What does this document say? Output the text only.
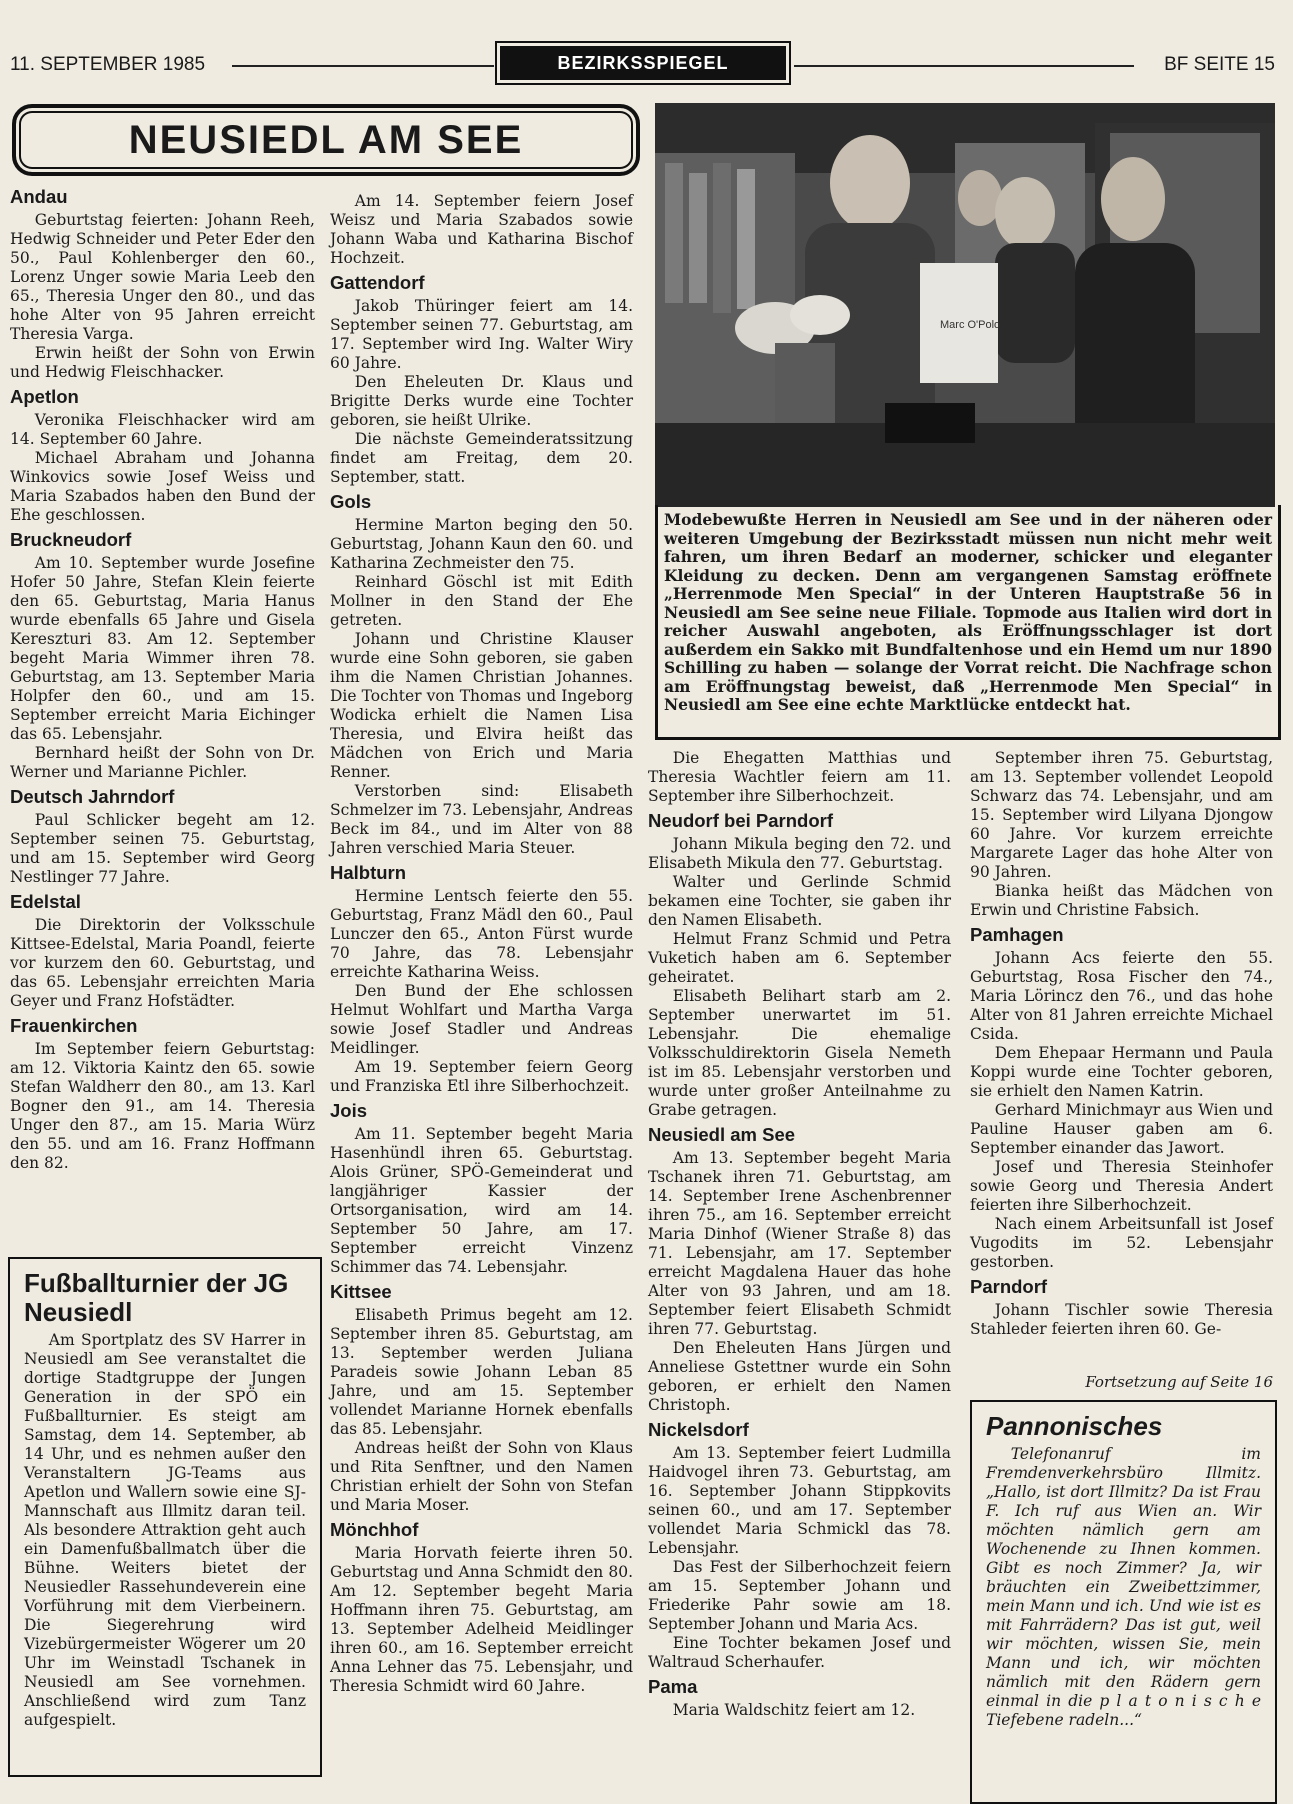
11. SEPTEMBER 1985	BEZIRKSSPIEGEL	BF SEITE 15
NEUSIEDL AM SEE
Andau

Geburtstag feierten: Johann Reeh, Hedwig Schneider und Peter Eder den 50., Paul Kohlenberger den 60., Lorenz Unger sowie Maria Leeb den 65., Theresia Unger den 80., und das hohe Alter von 95 Jahren erreicht Theresia Varga.

Erwin heißt der Sohn von Erwin und Hedwig Fleischhacker.

Apetlon

Veronika Fleischhacker wird am 14. September 60 Jahre.

Michael Abraham und Johanna Winkovics sowie Josef Weiss und Maria Szabados haben den Bund der Ehe geschlossen.

Bruckneudorf

Am 10. September wurde Josefine Hofer 50 Jahre, Stefan Klein feierte den 65. Geburtstag, Maria Hanus wurde ebenfalls 65 Jahre und Gisela Kereszturi 83. Am 12. September begeht Maria Wimmer ihren 78. Geburtstag, am 13. September Maria Holpfer den 60., und am 15. September erreicht Maria Eichinger das 65. Lebensjahr.

Bernhard heißt der Sohn von Dr. Werner und Marianne Pichler.

Deutsch Jahrndorf

Paul Schlicker begeht am 12. September seinen 75. Geburtstag, und am 15. September wird Georg Nestlinger 77 Jahre.

Edelstal

Die Direktorin der Volksschule Kittsee-Edelstal, Maria Poandl, feierte vor kurzem den 60. Geburtstag, und das 65. Lebensjahr erreichten Maria Geyer und Franz Hofstädter.

Frauenkirchen

Im September feiern Geburtstag: am 12. Viktoria Kaintz den 65. sowie Stefan Waldherr den 80., am 13. Karl Bogner den 91., am 14. Theresia Unger den 87., am 15. Maria Würz den 55. und am 16. Franz Hoffmann den 82.

Am 14. September feiern Josef Weisz und Maria Szabados sowie Johann Waba und Katharina Bischof Hochzeit.

Gattendorf

Jakob Thüringer feiert am 14. September seinen 77. Geburtstag, am 17. September wird Ing. Walter Wiry 60 Jahre.

Den Eheleuten Dr. Klaus und Brigitte Derks wurde eine Tochter geboren, sie heißt Ulrike.

Die nächste Gemeinderatssitzung findet am Freitag, dem 20. September, statt.

Gols

Hermine Marton beging den 50. Geburtstag, Johann Kaun den 60. und Katharina Zechmeister den 75.

Reinhard Göschl ist mit Edith Mollner in den Stand der Ehe getreten.

Johann und Christine Klauser wurde eine Sohn geboren, sie gaben ihm die Namen Christian Johannes. Die Tochter von Thomas und Ingeborg Wodicka erhielt die Namen Lisa Theresia, und Elvira heißt das Mädchen von Erich und Maria Renner.

Verstorben sind: Elisabeth Schmelzer im 73. Lebensjahr, Andreas Beck im 84., und im Alter von 88 Jahren verschied Maria Steuer.

Halbturn

Hermine Lentsch feierte den 55. Geburtstag, Franz Mädl den 60., Paul Lunczer den 65., Anton Fürst wurde 70 Jahre, das 78. Lebensjahr erreichte Katharina Weiss.

Den Bund der Ehe schlossen Helmut Wohlfart und Martha Varga sowie Josef Stadler und Andreas Meidlinger.

Am 19. September feiern Georg und Franziska Etl ihre Silberhochzeit.

Jois

Am 11. September begeht Maria Hasenhündl ihren 65. Geburtstag. Alois Grüner, SPÖ-Gemeinderat und langjähriger Kassier der Ortsorganisation, wird am 14. September 50 Jahre, am 17. September erreicht Vinzenz Schimmer das 74. Lebensjahr.

Kittsee

Elisabeth Primus begeht am 12. September ihren 85. Geburtstag, am 13. September werden Juliana Paradeis sowie Johann Leban 85 Jahre, und am 15. September vollendet Marianne Hornek ebenfalls das 85. Lebensjahr.

Andreas heißt der Sohn von Klaus und Rita Senftner, und den Namen Christian erhielt der Sohn von Stefan und Maria Moser.

Mönchhof

Maria Horvath feierte ihren 50. Geburtstag und Anna Schmidt den 80. Am 12. September begeht Maria Hoffmann ihren 75. Geburtstag, am 13. September Adelheid Meidlinger ihren 60., am 16. September erreicht Anna Lehner das 75. Lebensjahr, und Theresia Schmidt wird 60 Jahre.

Die Ehegatten Matthias und Theresia Wachtler feiern am 11. September ihre Silberhochzeit.

Neudorf bei Parndorf

Johann Mikula beging den 72. und Elisabeth Mikula den 77. Geburtstag.

Walter und Gerlinde Schmid bekamen eine Tochter, sie gaben ihr den Namen Elisabeth.

Helmut Franz Schmid und Petra Vuketich haben am 6. September geheiratet.

Elisabeth Belihart starb am 2. September unerwartet im 51. Lebensjahr. Die ehemalige Volksschuldirektorin Gisela Nemeth ist im 85. Lebensjahr verstorben und wurde unter großer Anteilnahme zu Grabe getragen.

Neusiedl am See

Am 13. September begeht Maria Tschanek ihren 71. Geburtstag, am 14. September Irene Aschenbrenner ihren 75., am 16. September erreicht Maria Dinhof (Wiener Straße 8) das 71. Lebensjahr, am 17. September erreicht Magdalena Hauer das hohe Alter von 93 Jahren, und am 18. September feiert Elisabeth Schmidt ihren 77. Geburtstag.

Den Eheleuten Hans Jürgen und Anneliese Gstettner wurde ein Sohn geboren, er erhielt den Namen Christoph.

Nickelsdorf

Am 13. September feiert Ludmilla Haidvogel ihren 73. Geburtstag, am 16. September Johann Stippkovits seinen 60., und am 17. September vollendet Maria Schmickl das 78. Lebensjahr.

Das Fest der Silberhochzeit feiern am 15. September Johann und Friederike Pahr sowie am 18. September Johann und Maria Acs.

Eine Tochter bekamen Josef und Waltraud Scherhaufer.

Pama

Maria Waldschitz feiert am 12.

September ihren 75. Geburtstag, am 13. September vollendet Leopold Schwarz das 74. Lebensjahr, und am 15. September wird Lilyana Djongow 60 Jahre. Vor kurzem erreichte Margarete Lager das hohe Alter von 90 Jahren.

Bianka heißt das Mädchen von Erwin und Christine Fabsich.

Pamhagen

Johann Acs feierte den 55. Geburtstag, Rosa Fischer den 74., Maria Lörincz den 76., und das hohe Alter von 81 Jahren erreichte Michael Csida.

Dem Ehepaar Hermann und Paula Koppi wurde eine Tochter geboren, sie erhielt den Namen Katrin.

Gerhard Minichmayr aus Wien und Pauline Hauser gaben am 6. September einander das Jawort.

Josef und Theresia Steinhofer sowie Georg und Theresia Andert feierten ihre Silberhochzeit.

Nach einem Arbeitsunfall ist Josef Vugodits im 52. Lebensjahr gestorben.

Parndorf

Johann Tischler sowie Theresia Stahleder feierten ihren 60. Ge-

Fortsetzung auf Seite 16
Marc O'Polo
Modebewußte Herren in Neusiedl am See und in der näheren oder weiteren Umgebung der Bezirksstadt müssen nun nicht mehr weit fahren, um ihren Bedarf an moderner, schicker und eleganter Kleidung zu decken. Denn am vergangenen Samstag eröffnete „Herrenmode Men Special“ in der Unteren Hauptstraße 56 in Neusiedl am See seine neue Filiale. Topmode aus Italien wird dort in reicher Auswahl angeboten, als Eröffnungsschlager ist dort außerdem ein Sakko mit Bundfaltenhose und ein Hemd um nur 1890 Schilling zu haben — solange der Vorrat reicht. Die Nachfrage schon am Eröffnungstag beweist, daß „Herrenmode Men Special“ in Neusiedl am See eine echte Marktlücke entdeckt hat.
Fußballturnier der JG Neusiedl

Am Sportplatz des SV Harrer in Neusiedl am See veranstaltet die dortige Stadtgruppe der Jungen Generation in der SPÖ ein Fußballturnier. Es steigt am Samstag, dem 14. September, ab 14 Uhr, und es nehmen außer den Veranstaltern JG-Teams aus Apetlon und Wallern sowie eine SJ-Mannschaft aus Illmitz daran teil. Als besondere Attraktion geht auch ein Damenfußballmatch über die Bühne. Weiters bietet der Neusiedler Rassehundeverein eine Vorführung mit dem Vierbeinern. Die Siegerehrung wird Vizebürgermeister Wögerer um 20 Uhr im Weinstadl Tschanek in Neusiedl am See vornehmen. Anschließend wird zum Tanz aufgespielt.

Pannonisches

Telefonanruf im Fremdenverkehrsbüro Illmitz. „Hallo, ist dort Illmitz? Da ist Frau F. Ich ruf aus Wien an. Wir möchten nämlich gern am Wochenende zu Ihnen kommen. Gibt es noch Zimmer? Ja, wir bräuchten ein Zweibettzimmer, mein Mann und ich. Und wie ist es mit Fahrrädern? Das ist gut, weil wir möchten, wissen Sie, mein Mann und ich, wir möchten nämlich mit den Rädern gern einmal in die p l a t o n i s c h e Tiefebene radeln...“
